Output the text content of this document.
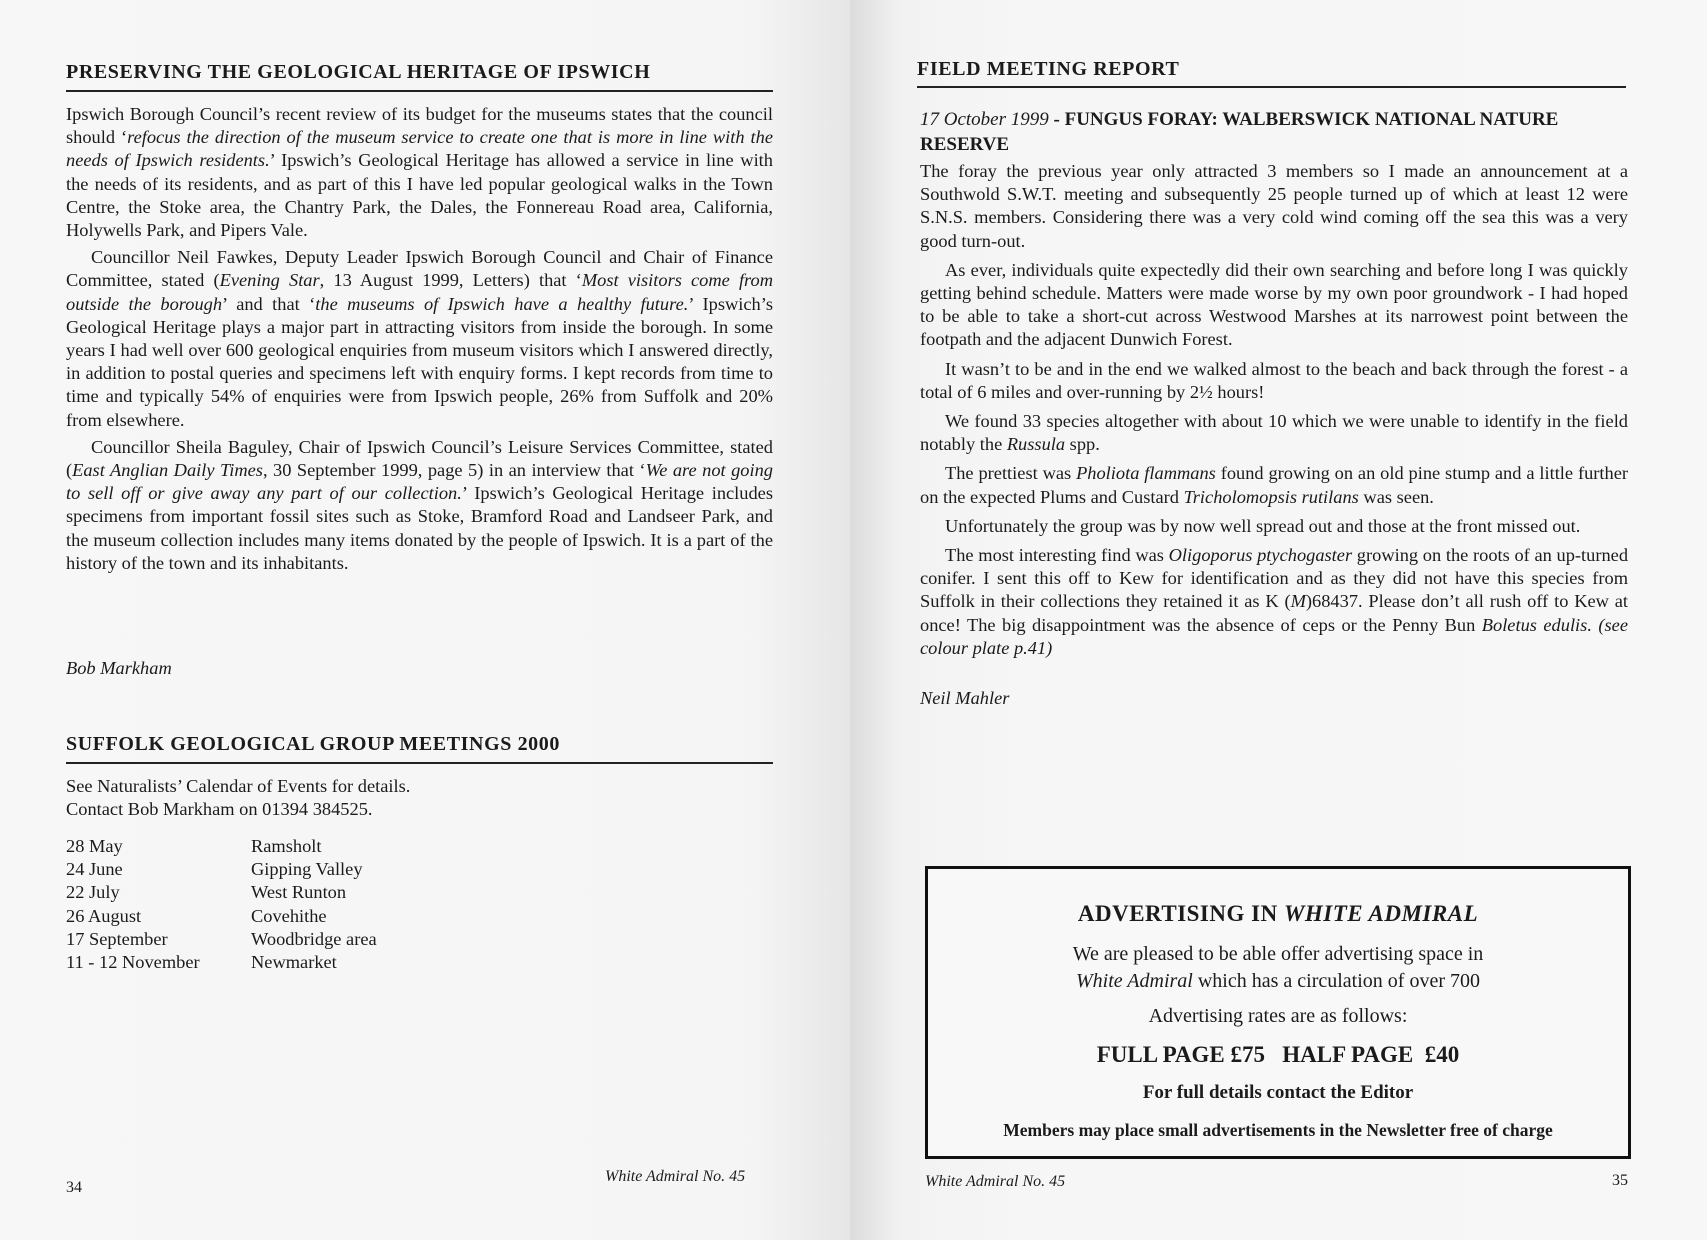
PRESERVING THE GEOLOGICAL HERITAGE OF IPSWICH

Ipswich Borough Council’s recent review of its budget for the museums states that the council should ‘refocus the direction of the museum service to create one that is more in line with the needs of Ipswich residents.’ Ipswich’s Geological Heritage has allowed a service in line with the needs of its residents, and as part of this I have led popular geological walks in the Town Centre, the Stoke area, the Chantry Park, the Dales, the Fonnereau Road area, California, Holywells Park, and Pipers Vale.

Councillor Neil Fawkes, Deputy Leader Ipswich Borough Council and Chair of Finance Committee, stated (Evening Star, 13 August 1999, Letters) that ‘Most visitors come from outside the borough’ and that ‘the museums of Ipswich have a healthy future.’ Ipswich’s Geological Heritage plays a major part in attracting visitors from inside the borough. In some years I had well over 600 geological enquiries from museum visitors which I answered directly, in addition to postal queries and specimens left with enquiry forms. I kept records from time to time and typically 54% of enquiries were from Ipswich people, 26% from Suffolk and 20% from elsewhere.

Councillor Sheila Baguley, Chair of Ipswich Council’s Leisure Services Committee, stated (East Anglian Daily Times, 30 September 1999, page 5) in an interview that ‘We are not going to sell off or give away any part of our collection.’ Ipswich’s Geological Heritage includes specimens from important fossil sites such as Stoke, Bramford Road and Landseer Park, and the museum collection includes many items donated by the people of Ipswich. It is a part of the history of the town and its inhabitants.

Bob Markham
SUFFOLK GEOLOGICAL GROUP MEETINGS 2000
See Naturalists’ Calendar of Events for details.
Contact Bob Markham on 01394 384525.
28 May	Ramsholt
24 June	Gipping Valley
22 July	West Runton
26 August	Covehithe
17 September	Woodbridge area
11 - 12 November	Newmarket
34
White Admiral No. 45
FIELD MEETING REPORT
17 October 1999 - FUNGUS FORAY: WALBERSWICK NATIONAL NATURE RESERVE

The foray the previous year only attracted 3 members so I made an announcement at a Southwold S.W.T. meeting and subsequently 25 people turned up of which at least 12 were S.N.S. members. Considering there was a very cold wind coming off the sea this was a very good turn-out.

As ever, individuals quite expectedly did their own searching and before long I was quickly getting behind schedule. Matters were made worse by my own poor groundwork - I had hoped to be able to take a short-cut across Westwood Marshes at its narrowest point between the footpath and the adjacent Dunwich Forest.

It wasn’t to be and in the end we walked almost to the beach and back through the forest - a total of 6 miles and over-running by 2½ hours!

We found 33 species altogether with about 10 which we were unable to identify in the field notably the Russula spp.

The prettiest was Pholiota flammans found growing on an old pine stump and a little further on the expected Plums and Custard Tricholomopsis rutilans was seen.

Unfortunately the group was by now well spread out and those at the front missed out.

The most interesting find was Oligoporus ptychogaster growing on the roots of an up-turned conifer. I sent this off to Kew for identification and as they did not have this species from Suffolk in their collections they retained it as K (M)68437. Please don’t all rush off to Kew at once! The big disappointment was the absence of ceps or the Penny Bun Boletus edulis. (see colour plate p.41)

Neil Mahler
ADVERTISING IN WHITE ADMIRAL
We are pleased to be able offer advertising space in
White Admiral which has a circulation of over 700
Advertising rates are as follows:
FULL PAGE £75   HALF PAGE  £40
For full details contact the Editor
Members may place small advertisements in the Newsletter free of charge
White Admiral No. 45	35
